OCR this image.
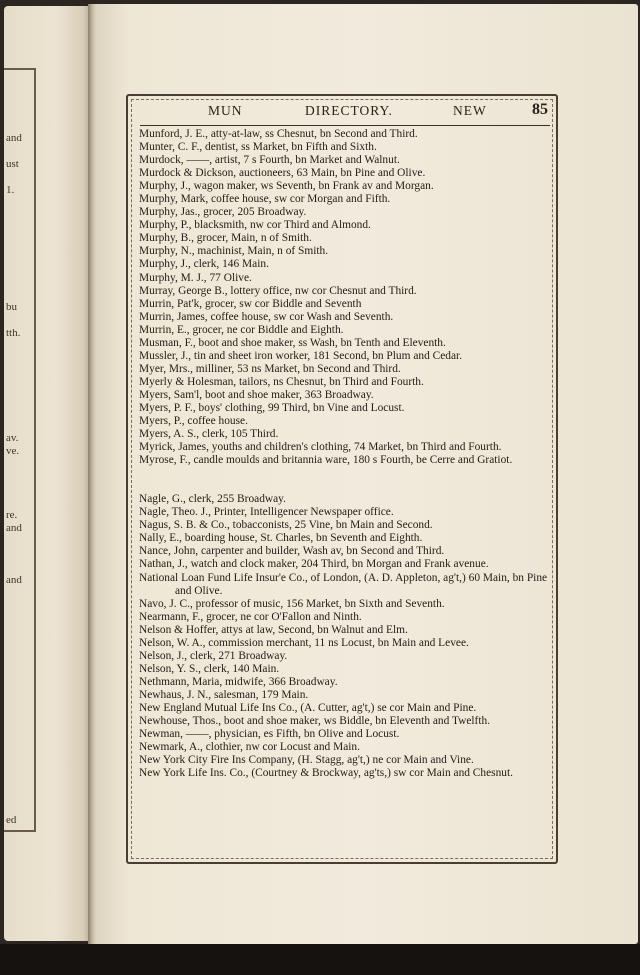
and
ust
1.
bu
tth.
av.
ve.
re.
and
and
ed
MUN	DIRECTORY.	NEW	85
Munford, J. E., atty-at-law, ss Chesnut, bn Second and Third.
Munter, C. F., dentist, ss Market, bn Fifth and Sixth.
Murdock, ——, artist, 7 s Fourth, bn Market and Walnut.
Murdock & Dickson, auctioneers, 63 Main, bn Pine and Olive.
Murphy, J., wagon maker, ws Seventh, bn Frank av and Morgan.
Murphy, Mark, coffee house, sw cor Morgan and Fifth.
Murphy, Jas., grocer, 205 Broadway.
Murphy, P., blacksmith, nw cor Third and Almond.
Murphy, B., grocer, Main, n of Smith.
Murphy, N., machinist, Main, n of Smith.
Murphy, J., clerk, 146 Main.
Murphy, M. J., 77 Olive.
Murray, George B., lottery office, nw cor Chesnut and Third.
Murrin, Pat'k, grocer, sw cor Biddle and Seventh
Murrin, James, coffee house, sw cor Wash and Seventh.
Murrin, E., grocer, ne cor Biddle and Eighth.
Musman, F., boot and shoe maker, ss Wash, bn Tenth and Eleventh.
Mussler, J., tin and sheet iron worker, 181 Second, bn Plum and Cedar.
Myer, Mrs., milliner, 53 ns Market, bn Second and Third.
Myerly & Holesman, tailors, ns Chesnut, bn Third and Fourth.
Myers, Sam'l, boot and shoe maker, 363 Broadway.
Myers, P. F., boys' clothing, 99 Third, bn Vine and Locust.
Myers, P., coffee house.
Myers, A. S., clerk, 105 Third.
Myrick, James, youths and children's clothing, 74 Market, bn Third and Fourth.
Myrose, F., candle moulds and britannia ware, 180 s Fourth, be Cerre and Gratiot.
Nagle, G., clerk, 255 Broadway.
Nagle, Theo. J., Printer, Intelligencer Newspaper office.
Nagus, S. B. & Co., tobacconists, 25 Vine, bn Main and Second.
Nally, E., boarding house, St. Charles, bn Seventh and Eighth.
Nance, John, carpenter and builder, Wash av, bn Second and Third.
Nathan, J., watch and clock maker, 204 Third, bn Morgan and Frank avenue.
National Loan Fund Life Insur'e Co., of London, (A. D. Appleton, ag't,) 60 Main, bn Pine and Olive.
Navo, J. C., professor of music, 156 Market, bn Sixth and Seventh.
Nearmann, F., grocer, ne cor O'Fallon and Ninth.
Nelson & Hoffer, attys at law, Second, bn Walnut and Elm.
Nelson, W. A., commission merchant, 11 ns Locust, bn Main and Levee.
Nelson, J., clerk, 271 Broadway.
Nelson, Y. S., clerk, 140 Main.
Nethmann, Maria, midwife, 366 Broadway.
Newhaus, J. N., salesman, 179 Main.
New England Mutual Life Ins Co., (A. Cutter, ag't,) se cor Main and Pine.
Newhouse, Thos., boot and shoe maker, ws Biddle, bn Eleventh and Twelfth.
Newman, ——, physician, es Fifth, bn Olive and Locust.
Newmark, A., clothier, nw cor Locust and Main.
New York City Fire Ins Company, (H. Stagg, ag't,) ne cor Main and Vine.
New York Life Ins. Co., (Courtney & Brockway, ag'ts,) sw cor Main and Chesnut.
